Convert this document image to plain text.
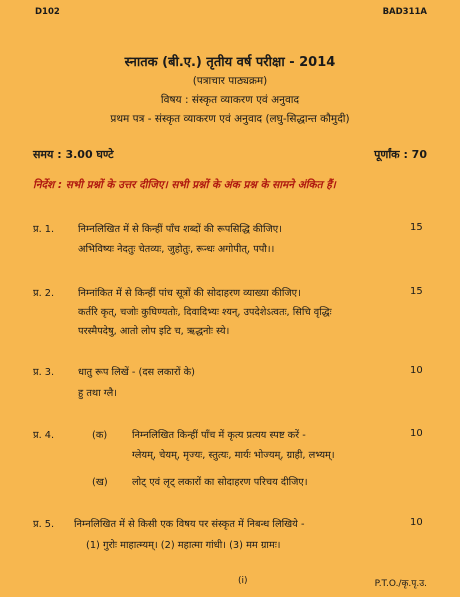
D102	BAD311A
स्नातक (बी.ए.) तृतीय वर्ष परीक्षा - 2014
(पत्राचार पाठ्यक्रम)
विषय : संस्कृत व्याकरण एवं अनुवाद
प्रथम पत्र - संस्कृत व्याकरण एवं अनुवाद (लघु-सिद्धान्त कौमुदी)
समय : 3.00 घण्टे	पूर्णांक : 70
निर्देश : सभी प्रश्नों के उत्तर दीजिए। सभी प्रश्नों के अंक प्रश्न के सामने अंकित हैं।
प्र. 1. निम्नलिखित में से किन्हीं पाँच शब्दों की रूपसिद्धि कीजिए।
अभिविष्यः नेदतुः चेतव्यः, जुहोतुः, रून्धः अगोपीत्, पपौ।।
15
प्र. 2. निम्नांकित में से किन्हीं पांच सूत्रों की सोदाहरण व्याख्या कीजिए।
कर्तरि कृत्, चजोः कुघिण्यतोः, दिवादिभ्यः श्यन्, उपदेशेऽत्वतः, सिचि वृद्धिः
परस्मैपदेषु, आतो लोप इटि च, ऋद्धनोः स्ये।
15
प्र. 3. धातु रूप लिखें - (दस लकारों के)
हु तथा ग्लै।
10
प्र. 4.	(क)	निम्नलिखित किन्हीं पाँच में कृत्य प्रत्यय स्पष्ट करें -
ग्लेयम्, चेयम्, मृज्यः, स्तुत्यः, मार्यः भोज्यम्, ग्राही, लभ्यम्।
(ख) लोट् एवं लृट् लकारों का सोदाहरण परिचय दीजिए।
10
प्र. 5. निम्नलिखित में से किसी एक विषय पर संस्कृत में निबन्ध लिखिये -
(1) गुरोः माहात्म्यम्। (2) महात्मा गांधी। (3) मम ग्रामः।
10
(i)	P.T.O./कृ.पृ.उ.
